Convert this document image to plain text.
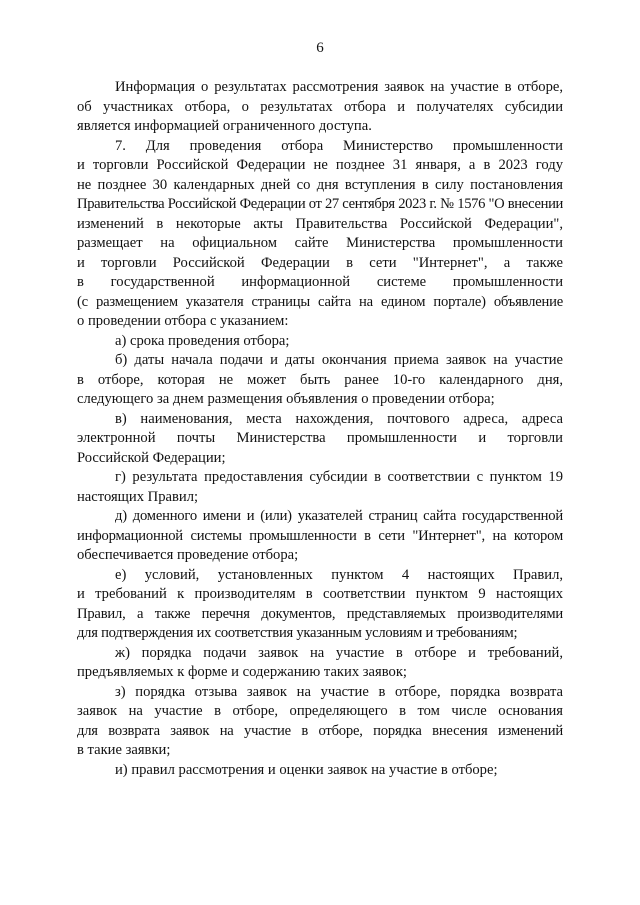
6
Информация о результатах рассмотрения заявок на участие в отборе,
об участниках отбора, о результатах отбора и получателях субсидии
является информацией ограниченного доступа.
7. Для проведения отбора Министерство промышленности
и торговли Российской Федерации не позднее 31 января, а в 2023 году
не позднее 30 календарных дней со дня вступления в силу постановления
Правительства Российской Федерации от 27 сентября 2023 г. № 1576 "О внесении
изменений в некоторые акты Правительства Российской Федерации",
размещает на официальном сайте Министерства промышленности
и торговли Российской Федерации в сети "Интернет", а также
в государственной информационной системе промышленности
(с размещением указателя страницы сайта на едином портале) объявление
о проведении отбора с указанием:
а) срока проведения отбора;
б) даты начала подачи и даты окончания приема заявок на участие
в отборе, которая не может быть ранее 10-го календарного дня,
следующего за днем размещения объявления о проведении отбора;
в) наименования, места нахождения, почтового адреса, адреса
электронной почты Министерства промышленности и торговли
Российской Федерации;
г) результата предоставления субсидии в соответствии с пунктом 19
настоящих Правил;
д) доменного имени и (или) указателей страниц сайта государственной
информационной системы промышленности в сети "Интернет", на котором
обеспечивается проведение отбора;
е) условий, установленных пунктом 4 настоящих Правил,
и требований к производителям в соответствии пунктом 9 настоящих
Правил, а также перечня документов, представляемых производителями
для подтверждения их соответствия указанным условиям и требованиям;
ж) порядка подачи заявок на участие в отборе и требований,
предъявляемых к форме и содержанию таких заявок;
з) порядка отзыва заявок на участие в отборе, порядка возврата
заявок на участие в отборе, определяющего в том числе основания
для возврата заявок на участие в отборе, порядка внесения изменений
в такие заявки;
и) правил рассмотрения и оценки заявок на участие в отборе;
